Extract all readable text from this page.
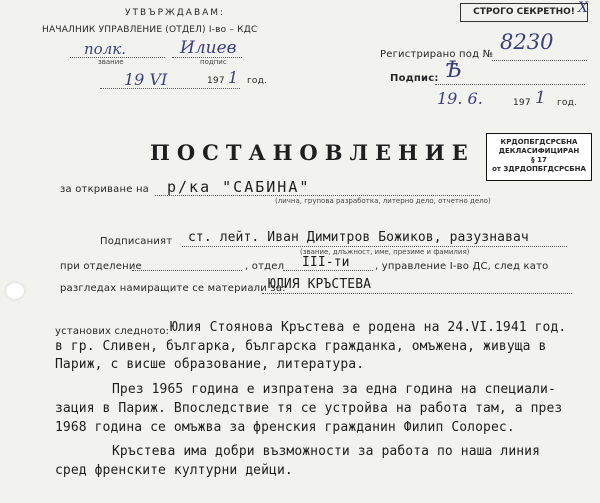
УТВЪРЖДАВАМ:
НАЧАЛНИК УПРАВЛЕНИЕ (ОТДЕЛ) I-во – КДС
полк.	Илиев
звание	подпис
19 VI	197 1 год.
СТРОГО СЕКРЕТНО! X
Регистрирано под №
8230
Подпис: Ѣ
19. 6.	197 1 год.
КРДОПБГДСРСБНА
ДЕКЛАСИФИЦИРАН
§ 17
от ЗДРДОПБГДСРСБНА
ПОСТАНОВЛЕНИЕ
за откриване на р/ка "САБИНА"
(лична, групова разработка, литерно дело, отчетно дело)
Подписаният ст. лейт. Иван Димитров Божиков, разузнавач
(звание, длъжност, име, презиме и фамилия)
при отделение	, отдел III-ти	, управление I-во ДС, след като
разгледах намиращите се материали за:
ЮЛИЯ КРЪСТЕВА
установих следното: Юлия Стоянова Кръстева е родена на 24.VI.1941 год.
в гр. Сливен, българка, българска гражданка, омъжена, живуща в
Париж, с висше образование, литература.
През 1965 година е изпратена за една година на специали-
зация в Париж. Впоследствие тя се устройва на работа там, а през
1968 година се омъжва за френския гражданин Филип Солорес.
Кръстева има добри възможности за работа по наша линия
сред френските културни дейци.
